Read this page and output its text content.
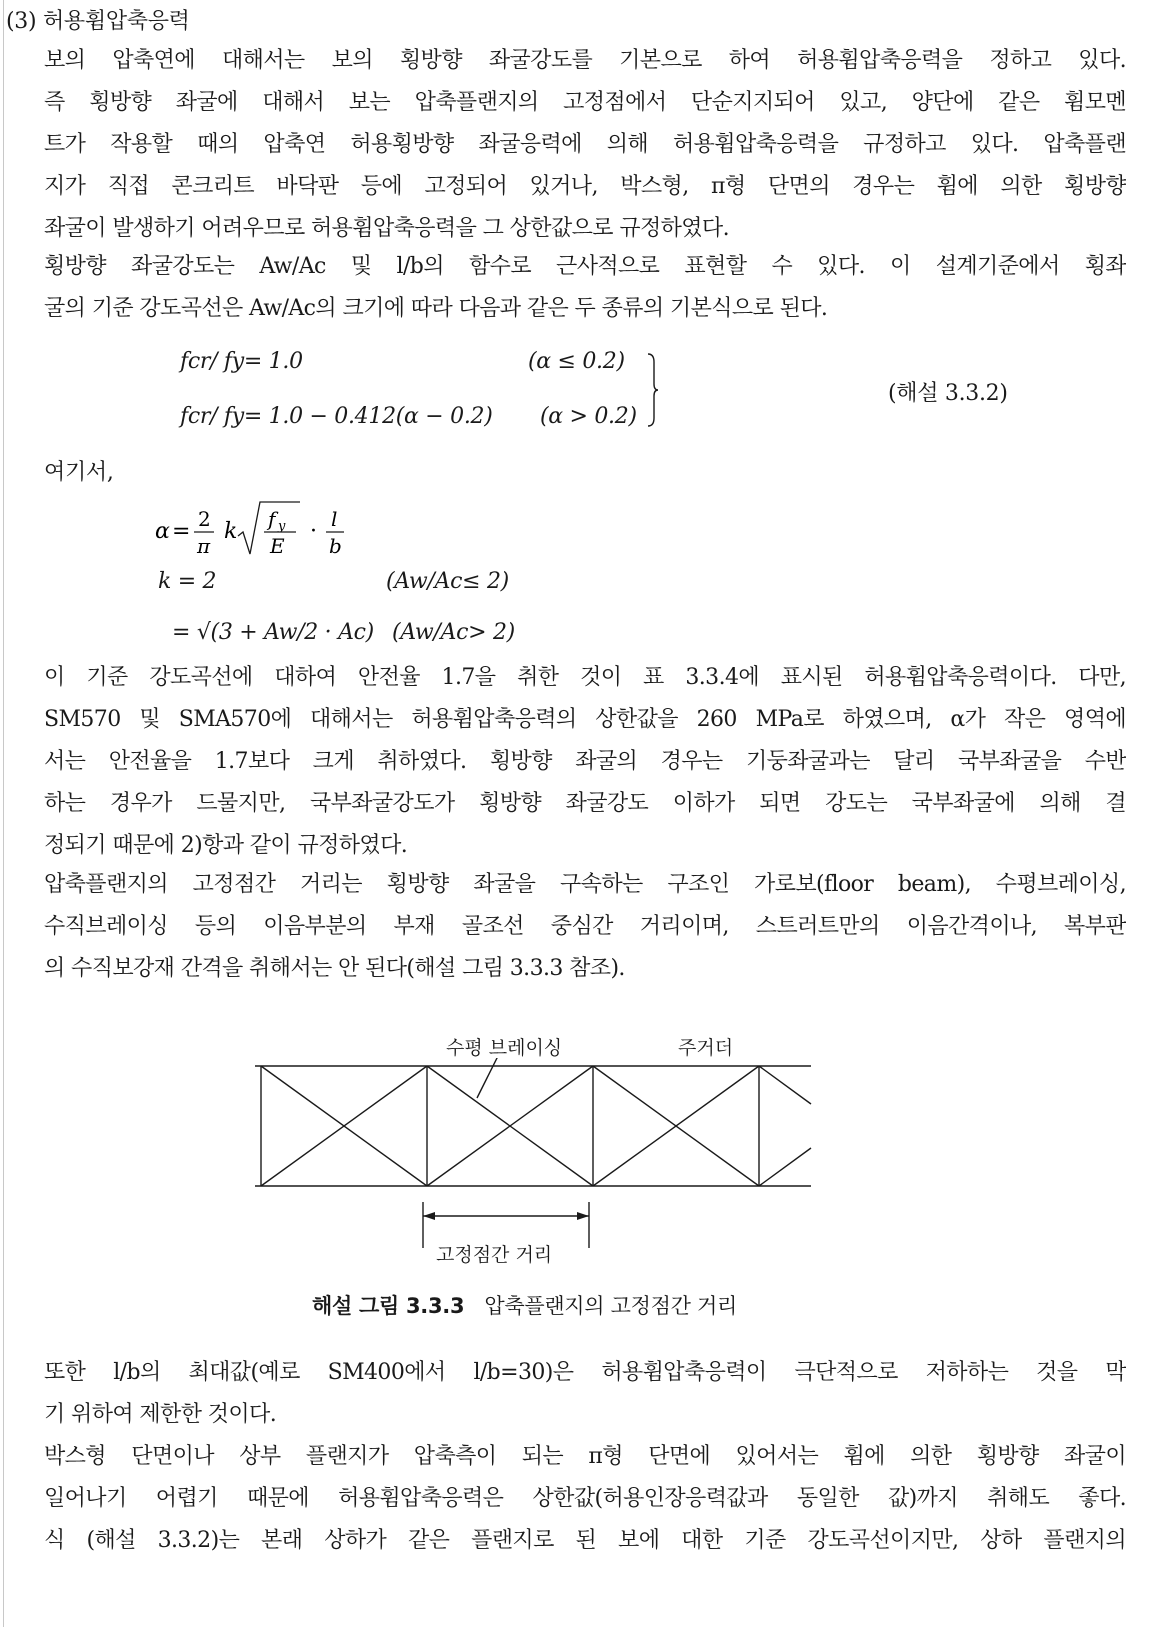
(3) 허용휨압축응력
보의 압축연에 대해서는 보의 횡방향 좌굴강도를 기본으로 하여 허용휨압축응력을 정하고 있다.
즉 횡방향 좌굴에 대해서 보는 압축플랜지의 고정점에서 단순지지되어 있고, 양단에 같은 휨모멘
트가 작용할 때의 압축연 허용횡방향 좌굴응력에 의해 허용휨압축응력을 규정하고 있다. 압축플랜
지가 직접 콘크리트 바닥판 등에 고정되어 있거나, 박스형, π형 단면의 경우는 휨에 의한 횡방향
좌굴이 발생하기 어려우므로 허용휨압축응력을 그 상한값으로 규정하였다.
횡방향 좌굴강도는 Aw/Ac 및 l/b의 함수로 근사적으로 표현할 수 있다. 이 설계기준에서 횡좌
굴의 기준 강도곡선은 Aw/Ac의 크기에 따라 다음과 같은 두 종류의 기본식으로 된다.
fcr/ fy= 1.0	(α ≤ 0.2)
fcr/ fy= 1.0 − 0.412(α − 0.2) (α > 0.2)
(해설 3.3.2)
여기서,
α = 2
π
k f y
E
· l
b
k = 2	(Aw/Ac≤ 2)
= √(3 + Aw/2 · Ac) (Aw/Ac> 2)
이 기준 강도곡선에 대하여 안전율 1.7을 취한 것이 표 3.3.4에 표시된 허용휨압축응력이다. 다만,
SM570 및 SMA570에 대해서는 허용휨압축응력의 상한값을 260 MPa로 하였으며, α가 작은 영역에
서는 안전율을 1.7보다 크게 취하였다. 횡방향 좌굴의 경우는 기둥좌굴과는 달리 국부좌굴을 수반
하는 경우가 드물지만, 국부좌굴강도가 횡방향 좌굴강도 이하가 되면 강도는 국부좌굴에 의해 결
정되기 때문에 2)항과 같이 규정하였다.
압축플랜지의 고정점간 거리는 횡방향 좌굴을 구속하는 구조인 가로보(floor beam), 수평브레이싱,
수직브레이싱 등의 이음부분의 부재 골조선 중심간 거리이며, 스트러트만의 이음간격이나, 복부판
의 수직보강재 간격을 취해서는 안 된다(해설 그림 3.3.3 참조).
수평 브레이싱	주거더
고정점간 거리
해설 그림 3.3.3 압축플랜지의 고정점간 거리
또한 l/b의 최대값(예로 SM400에서 l/b=30)은 허용휨압축응력이 극단적으로 저하하는 것을 막
기 위하여 제한한 것이다.
박스형 단면이나 상부 플랜지가 압축측이 되는 π형 단면에 있어서는 휨에 의한 횡방향 좌굴이
일어나기 어렵기 때문에 허용휨압축응력은 상한값(허용인장응력값과 동일한 값)까지 취해도 좋다.
식 (해설 3.3.2)는 본래 상하가 같은 플랜지로 된 보에 대한 기준 강도곡선이지만, 상하 플랜지의
